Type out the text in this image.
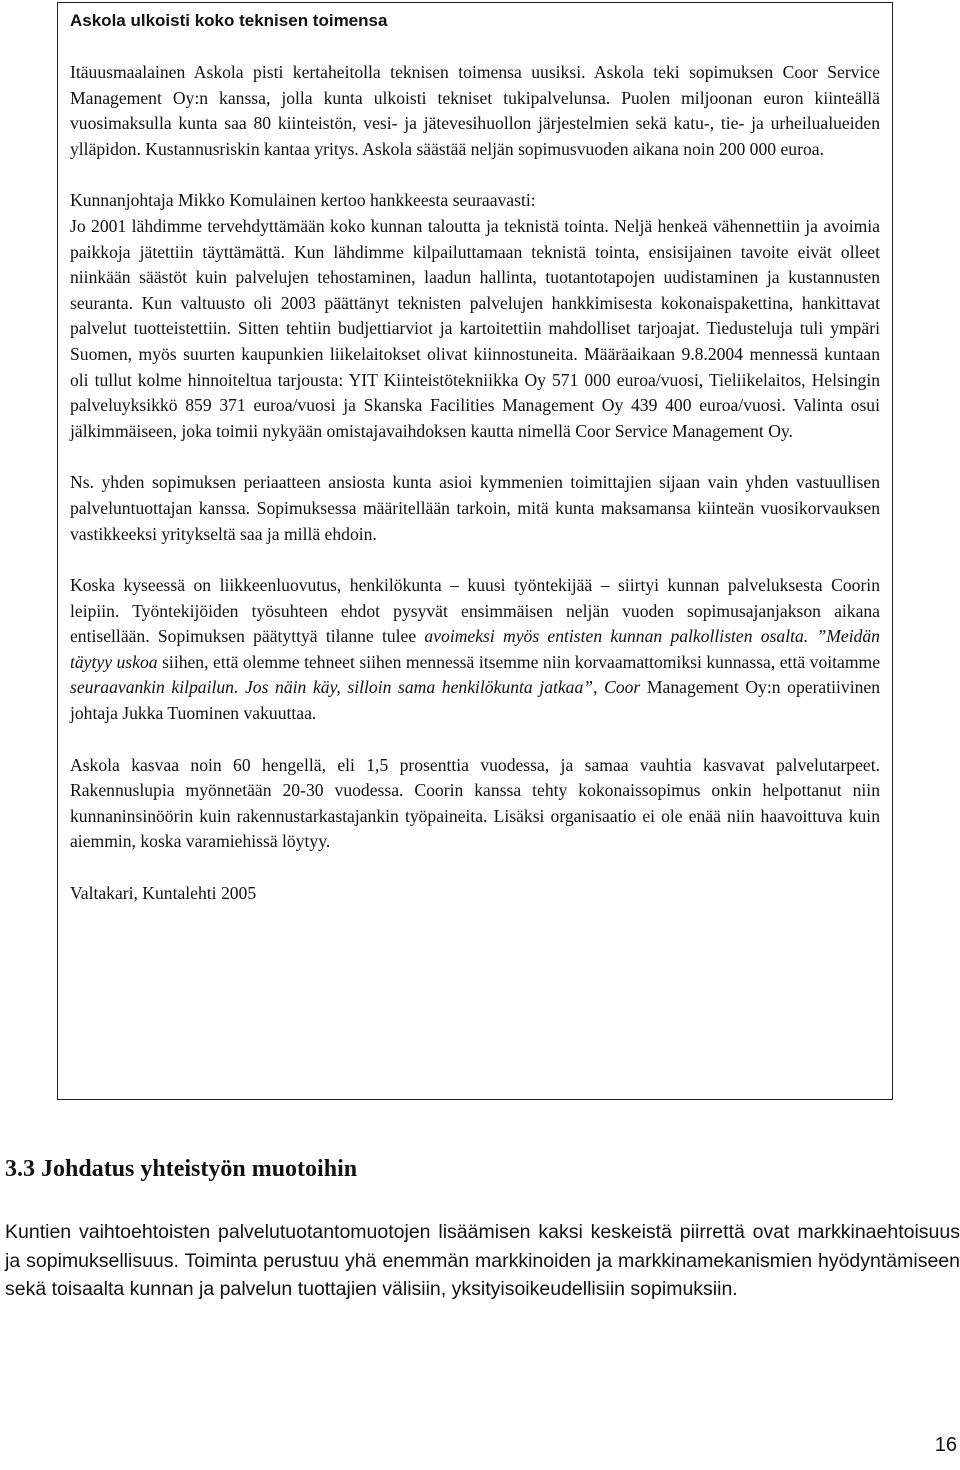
Askola ulkoisti koko teknisen toimensa

Itäuusmaalainen Askola pisti kertaheitolla teknisen toimensa uusiksi. Askola teki sopimuksen Coor Service Management Oy:n kanssa, jolla kunta ulkoisti tekniset tukipalvelunsa. Puolen miljoonan euron kiinteällä vuosimaksulla kunta saa 80 kiinteistön, vesi- ja jätevesihuollon järjestelmien sekä katu-, tie- ja urheilualueiden ylläpidon. Kustannusriskin kantaa yritys. Askola säästää neljän sopimusvuoden aikana noin 200 000 euroa.

Kunnanjohtaja Mikko Komulainen kertoo hankkeesta seuraavasti:

Jo 2001 lähdimme tervehdyttämään koko kunnan taloutta ja teknistä tointa. Neljä henkeä vähennettiin ja avoimia paikkoja jätettiin täyttämättä. Kun lähdimme kilpailuttamaan teknistä tointa, ensisijainen tavoite eivät olleet niinkään säästöt kuin palvelujen tehostaminen, laadun hallinta, tuotantotapojen uudistaminen ja kustannusten seuranta. Kun valtuusto oli 2003 päättänyt teknisten palvelujen hankkimisesta kokonaispakettina, hankittavat palvelut tuotteistettiin. Sitten tehtiin budjettiarviot ja kartoitettiin mahdolliset tarjoajat. Tiedusteluja tuli ympäri Suomen, myös suurten kaupunkien liikelaitokset olivat kiinnostuneita. Määräaikaan 9.8.2004 mennessä kuntaan oli tullut kolme hinnoiteltua tarjousta: YIT Kiinteistötekniikka Oy 571 000 euroa/vuosi, Tieliikelaitos, Helsingin palveluyksikkö 859 371 euroa/vuosi ja Skanska Facilities Management Oy 439 400 euroa/vuosi. Valinta osui jälkimmäiseen, joka toimii nykyään omistajavaihdoksen kautta nimellä Coor Service Management Oy.

Ns. yhden sopimuksen periaatteen ansiosta kunta asioi kymmenien toimittajien sijaan vain yhden vastuullisen palveluntuottajan kanssa. Sopimuksessa määritellään tarkoin, mitä kunta maksamansa kiinteän vuosikorvauksen vastikkeeksi yritykseltä saa ja millä ehdoin.

Koska kyseessä on liikkeenluovutus, henkilökunta – kuusi työntekijää – siirtyi kunnan palveluksesta Coorin leipiin. Työntekijöiden työsuhteen ehdot pysyvät ensimmäisen neljän vuoden sopimusajanjakson aikana entisellään. Sopimuksen päätyttyä tilanne tulee avoimeksi myös entisten kunnan palkollisten osalta. ”Meidän täytyy uskoa siihen, että olemme tehneet siihen mennessä itsemme niin korvaamattomiksi kunnassa, että voitamme seuraavankin kilpailun. Jos näin käy, silloin sama henkilökunta jatkaa”, Coor Management Oy:n operatiivinen johtaja Jukka Tuominen vakuuttaa.

Askola kasvaa noin 60 hengellä, eli 1,5 prosenttia vuodessa, ja samaa vauhtia kasvavat palvelutarpeet. Rakennuslupia myönnetään 20-30 vuodessa. Coorin kanssa tehty kokonaissopimus onkin helpottanut niin kunnaninsinöörin kuin rakennustarkastajankin työpaineita. Lisäksi organisaatio ei ole enää niin haavoittuva kuin aiemmin, koska varamiehissä löytyy.

Valtakari, Kuntalehti 2005

3.3 Johdatus yhteistyön muotoihin

Kuntien vaihtoehtoisten palvelutuotantomuotojen lisäämisen kaksi keskeistä piirrettä ovat markkinaehtoisuus ja sopimuksellisuus. Toiminta perustuu yhä enemmän markkinoiden ja markkinamekanismien hyödyntämiseen sekä toisaalta kunnan ja palvelun tuottajien välisiin, yksityisoikeudellisiin sopimuksiin.

16
